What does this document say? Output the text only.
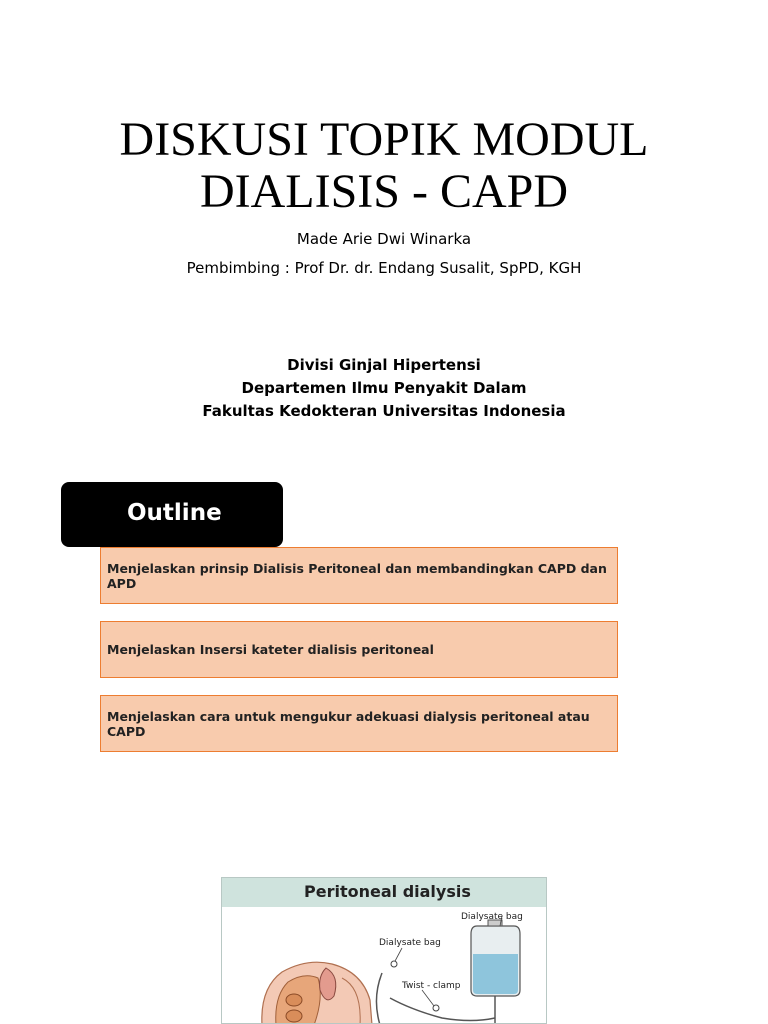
DISKUSI TOPIK MODUL
DIALISIS - CAPD
Made Arie Dwi Winarka
Pembimbing : Prof Dr. dr. Endang Susalit, SpPD, KGH
Divisi Ginjal Hipertensi
Departemen Ilmu Penyakit Dalam
Fakultas Kedokteran Universitas Indonesia
Outline
Menjelaskan prinsip Dialisis Peritoneal dan membandingkan CAPD dan APD
Menjelaskan Insersi kateter dialisis peritoneal
Menjelaskan cara untuk mengukur adekuasi dialysis peritoneal atau CAPD
Peritoneal dialysis
Dialysate bag
Dialysate bag
Twist - clamp
